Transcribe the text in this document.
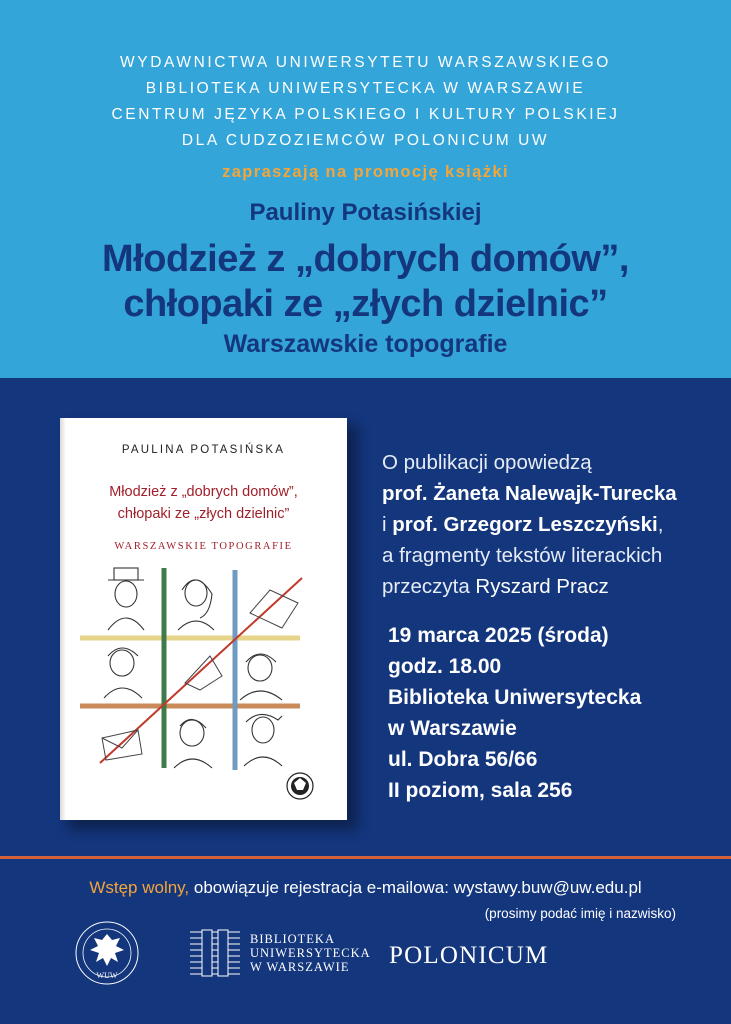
WYDAWNICTWA UNIWERSYTETU WARSZAWSKIEGO
BIBLIOTEKA UNIWERSYTECKA W WARSZAWIE
CENTRUM JĘZYKA POLSKIEGO I KULTURY POLSKIEJ
DLA CUDZOZIEMCÓW POLONICUM UW
zapraszają na promocję książki
Pauliny Potasińskiej
Młodzież z „dobrych domów”,
chłopaki ze „złych dzielnic”
Warszawskie topografie
PAULINA POTASIŃSKA
Młodzież z „dobrych domów”,
chłopaki ze „złych dzielnic”
WARSZAWSKIE TOPOGRAFIE
O publikacji opowiedzą
prof. Żaneta Nalewajk-Turecka
i prof. Grzegorz Leszczyński,
a fragmenty tekstów literackich
przeczyta Ryszard Pracz
19 marca 2025 (środa)
godz. 18.00
Biblioteka Uniwersytecka
w Warszawie
ul. Dobra 56/66
II poziom, sala 256
Wstęp wolny, obowiązuje rejestracja e-mailowa: wystawy.buw@uw.edu.pl
(prosimy podać imię i nazwisko)
WUW
BIBLIOTEKA
UNIWERSYTECKA
W WARSZAWIE	POLONICUM
